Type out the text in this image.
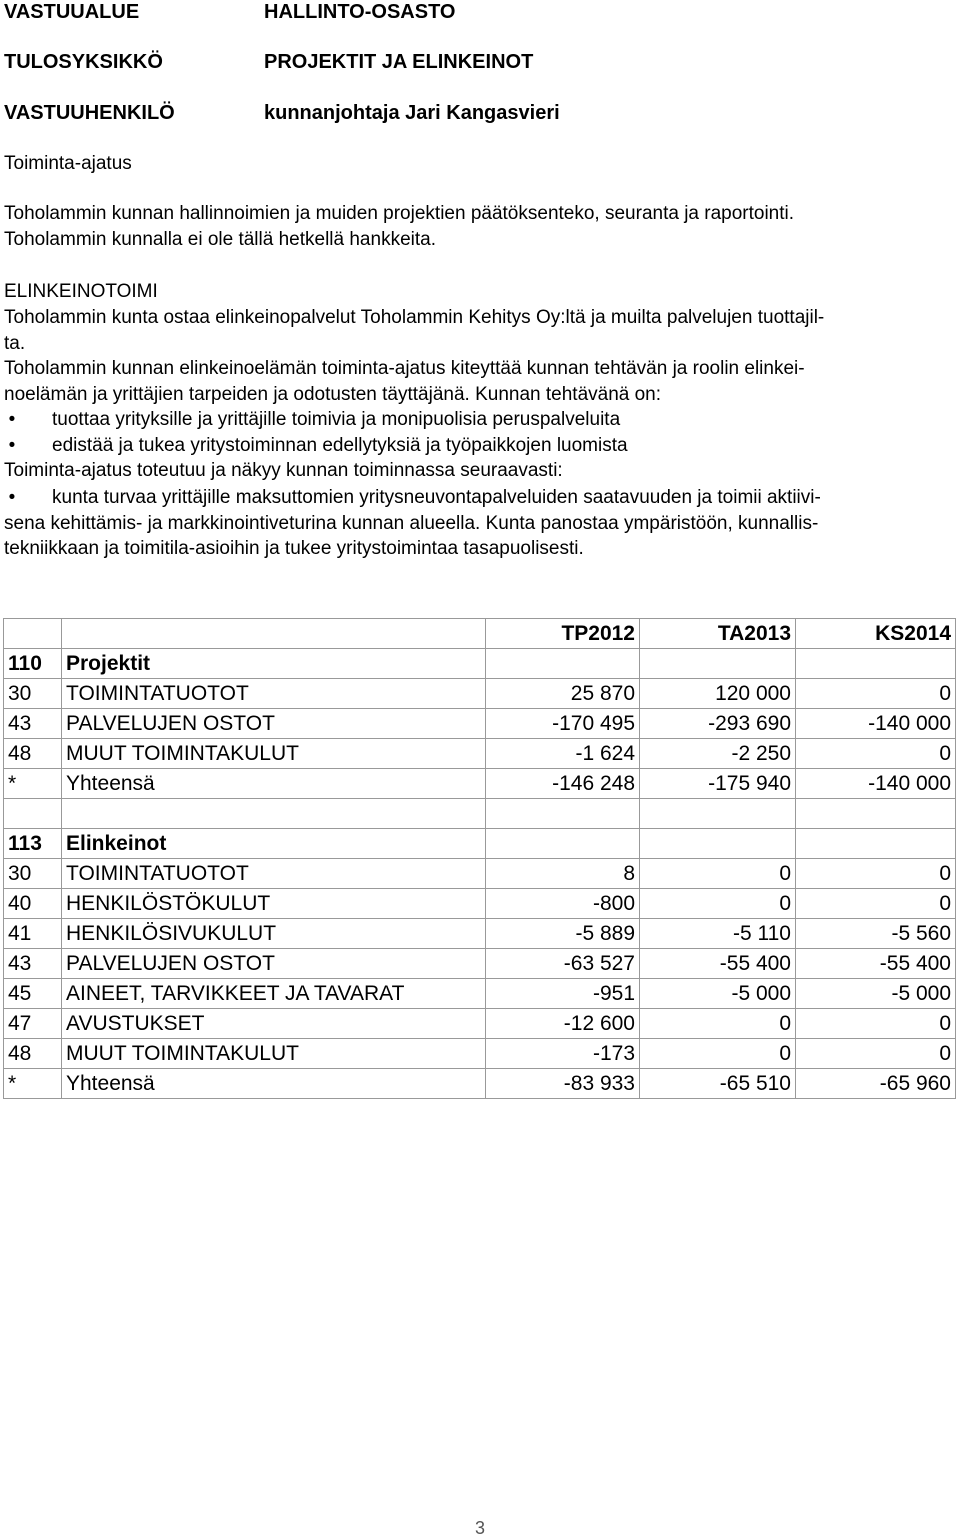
VASTUUALUE	HALLINTO-OSASTO
TULOSYKSIKKÖ	PROJEKTIT JA ELINKEINOT
VASTUUHENKILÖ	kunnanjohtaja Jari Kangasvieri
Toiminta-ajatus
Toholammin kunnan hallinnoimien ja muiden projektien päätöksenteko, seuranta ja raportointi.
Toholammin kunnalla ei ole tällä hetkellä hankkeita.
ELINKEINOTOIMI
Toholammin kunta ostaa elinkeinopalvelut Toholammin Kehitys Oy:ltä ja muilta palvelujen tuottajil-
ta.
Toholammin kunnan elinkeinoelämän toiminta-ajatus kiteyttää kunnan tehtävän ja roolin elinkei-
noelämän ja yrittäjien tarpeiden ja odotusten täyttäjänä. Kunnan tehtävänä on:
• tuottaa yrityksille ja yrittäjille toimivia ja monipuolisia peruspalveluita
• edistää ja tukea yritystoiminnan edellytyksiä ja työpaikkojen luomista
Toiminta-ajatus toteutuu ja näkyy kunnan toiminnassa seuraavasti:
• kunta turvaa yrittäjille maksuttomien yritysneuvontapalveluiden saatavuuden ja toimii aktiivi-
sena kehittämis- ja markkinointiveturina kunnan alueella. Kunta panostaa ympäristöön, kunnallis-
tekniikkaan ja toimitila-asioihin ja tukee yritystoimintaa tasapuolisesti.
		TP2012	TA2013	KS2014
110	Projektit			
30	TOIMINTATUOTOT	25 870	120 000	0
43	PALVELUJEN OSTOT	-170 495	-293 690	-140 000
48	MUUT TOIMINTAKULUT	-1 624	-2 250	0
*	Yhteensä	-146 248	-175 940	-140 000

113	Elinkeinot			
30	TOIMINTATUOTOT	8	0	0
40	HENKILÖSTÖKULUT	-800	0	0
41	HENKILÖSIVUKULUT	-5 889	-5 110	-5 560
43	PALVELUJEN OSTOT	-63 527	-55 400	-55 400
45	AINEET, TARVIKKEET JA TAVARAT	-951	-5 000	-5 000
47	AVUSTUKSET	-12 600	0	0
48	MUUT TOIMINTAKULUT	-173	0	0
*	Yhteensä	-83 933	-65 510	-65 960
3
